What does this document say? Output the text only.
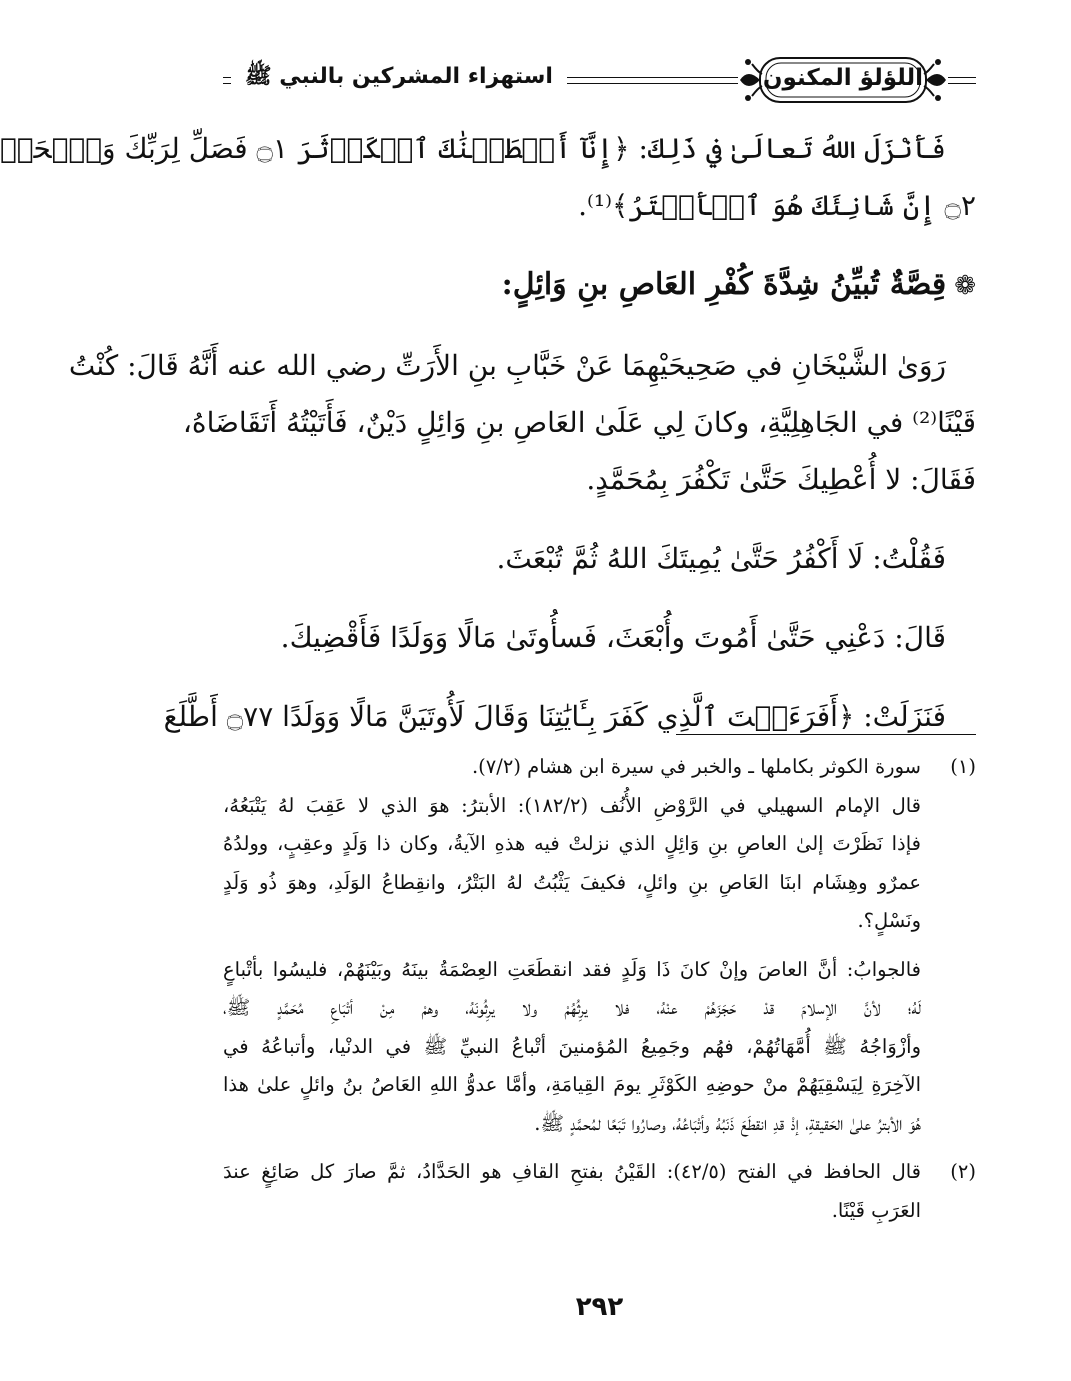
استهزاء المشركين بالنبي ﷺ	اللؤلؤ المكنون
فَأَنْزَلَ اللهُ تَعالَىٰ في ذَلِكَ: ﴿إِنَّآ أَعۡطَيۡنَٰكَ ٱلۡكَوۡثَرَ ۝١ فَصَلِّ لِرَبِّكَ وَٱنۡحَرۡ
۝٢ إِنَّ شَانِئَكَ هُوَ ٱلۡأَبۡتَرُ﴾⁽¹⁾.
❁قِصَّةٌ تُبيِّنُ شِدَّةَ كُفْرِ العَاصِ بنِ وَائِلٍ:
رَوَىٰ الشَّيْخَانِ في صَحِيحَيْهِمَا عَنْ خَبَّابِ بنِ الأَرَتِّ رضي الله عنه أَنَّهُ قَالَ: كُنْتُ
قَيْنًا⁽²⁾ في الجَاهِلِيَّةِ، وكانَ لِي عَلَىٰ العَاصِ بنِ وَائِلٍ دَيْنٌ، فَأَتَيْتُهُ أَتَقَاضَاهُ،
فَقَالَ: لا أُعْطِيكَ حَتَّىٰ تَكْفُرَ بِمُحَمَّدٍ.
فَقُلْتُ: لَا أَكْفُرُ حَتَّىٰ يُمِيتَكَ اللهُ ثُمَّ تُبْعَثَ.
قَالَ: دَعْنِي حَتَّىٰ أَمُوتَ وأُبْعَثَ، فَسأُوتَىٰ مَالًا وَوَلَدًا فَأَقْضِيكَ.
فَنَزَلَتْ: ﴿أَفَرَءَيۡتَ ٱلَّذِي كَفَرَ بِـَٔايَٰتِنَا وَقَالَ لَأُوتَيَنَّ مَالًا وَوَلَدًا ۝٧٧ أَطَّلَعَ
(١)
سورة الكوثر بكاملها ـ والخبر في سيرة ابن هشام (٧/٢).
قال الإمام السهيلي في الرَّوْضِ الأُنُف (١٨٢/٢): الأبترُ: هوَ الذي لا عَقِبَ لهُ يَتْبَعُهُ،
فإذا نَظَرْتَ إلىٰ العاصِ بنِ وَائِلٍ الذي نزلتْ فيه هذهِ الآيةُ، وكان ذا وَلَدٍ وعقِبٍ، وولدُهُ
عمرٌو وهِشَام ابنَا العَاصِ بنِ وائلٍ، فكيفَ يَثْبُتُ لهُ البَتْرُ، وانقِطاعُ الوَلَدِ، وهوَ ذُو وَلَدٍ
ونَسْلٍ؟.
فالجوابُ: أنَّ العاصَ وإنْ كانَ ذَا وَلَدٍ فقد انقطَعَتِ العِصْمَةُ بينَهُ وبَيْنَهُمْ، فليسُوا بأتْباعٍ
لَهُ؛ لأنَّ الإسلامَ قدْ حَجَزَهُمْ عنْهُ، فلا يرِثُهُمْ ولا يرِثُونَهُ، وهمْ مِنْ أتْبَاعِ مُحَمَّدٍ ﷺ،
وأزْوَاجُهُ ﷺ أُمَّهَاتُهُمْ، فهُم وجَمِيعُ المُؤمنينَ أتْباعُ النبيِّ ﷺ في الدنْيا، وأتباعُهُ في
الآخِرَةِ لِيَسْقِيَهُمْ منْ حوضِهِ الكَوْثَرِ يومَ القِيامَةِ، وأمَّا عدوُّ اللهِ العَاصُ بنُ وائلٍ علىٰ هذا
هُوَ الأبترُ علىٰ الحَقيقةِ، إذْ قدِ انقطَعَ ذَنَبُهُ وأتْبَاعُهُ، وصارُوا تَبَعًا لمُحمَّدٍ ﷺ.
(٢)
قال الحافظ في الفتح (٤٢/٥): القَيْنُ بفتحِ القافِ هو الحَدَّادُ، ثمَّ صارَ كل صَائِغٍ عندَ
العَرَبِ قَيْنًا.
٢٩٢
